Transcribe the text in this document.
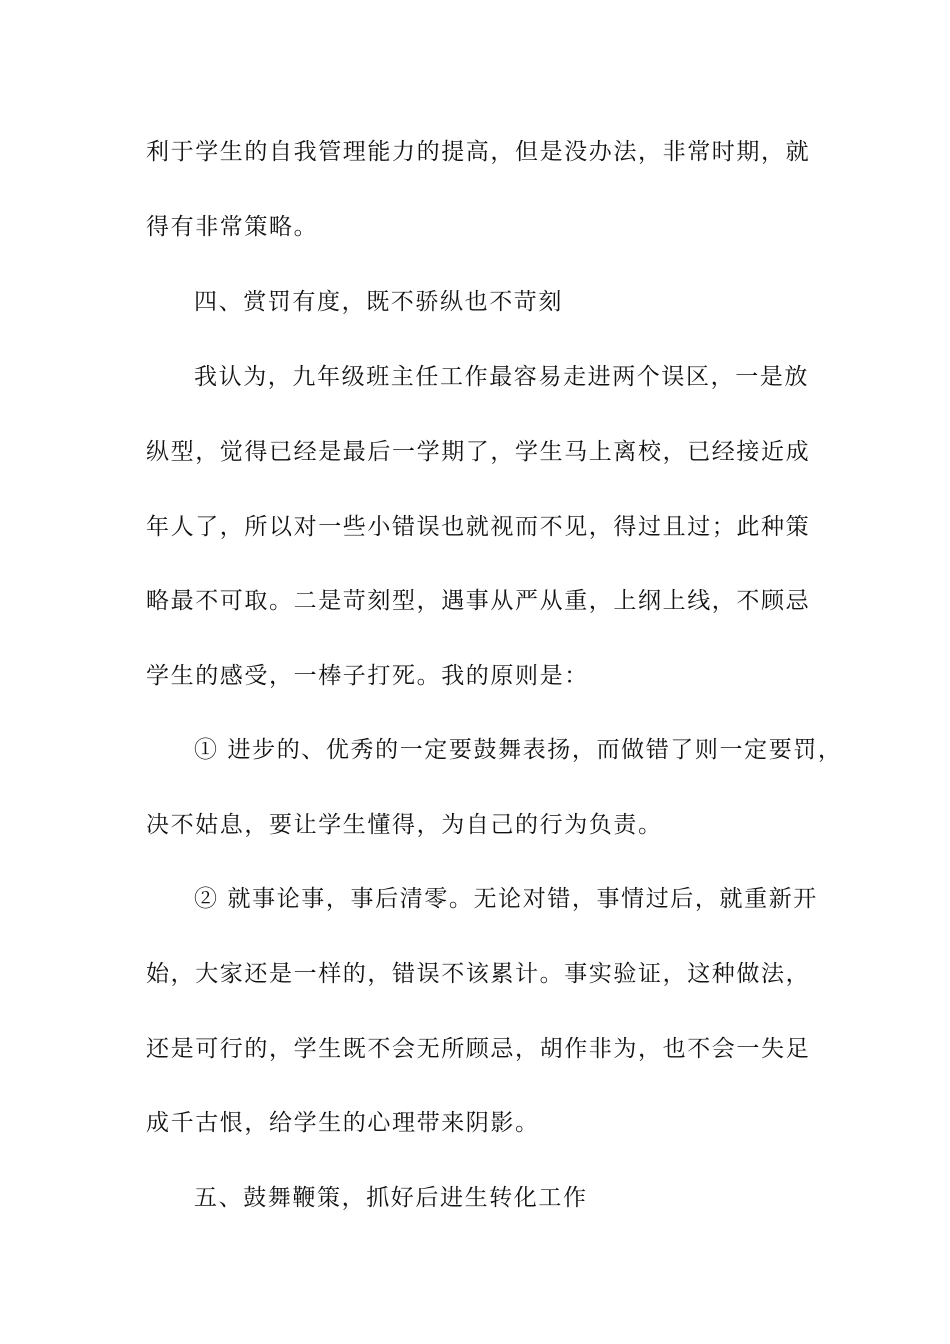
利于学生的自我管理能力的提高，但是没办法，非常时期，就
得有非常策略。
四、赏罚有度，既不骄纵也不苛刻
我认为，九年级班主任工作最容易走进两个误区，一是放
纵型，觉得已经是最后一学期了，学生马上离校，已经接近成
年人了，所以对一些小错误也就视而不见，得过且过；此种策
略最不可取。二是苛刻型，遇事从严从重，上纲上线，不顾忌
学生的感受，一棒子打死。我的原则是：
① 进步的、优秀的一定要鼓舞表扬，而做错了则一定要罚，
决不姑息，要让学生懂得，为自己的行为负责。
② 就事论事，事后清零。无论对错，事情过后，就重新开
始，大家还是一样的，错误不该累计。事实验证，这种做法，
还是可行的，学生既不会无所顾忌，胡作非为，也不会一失足
成千古恨，给学生的心理带来阴影。
五、鼓舞鞭策，抓好后进生转化工作
